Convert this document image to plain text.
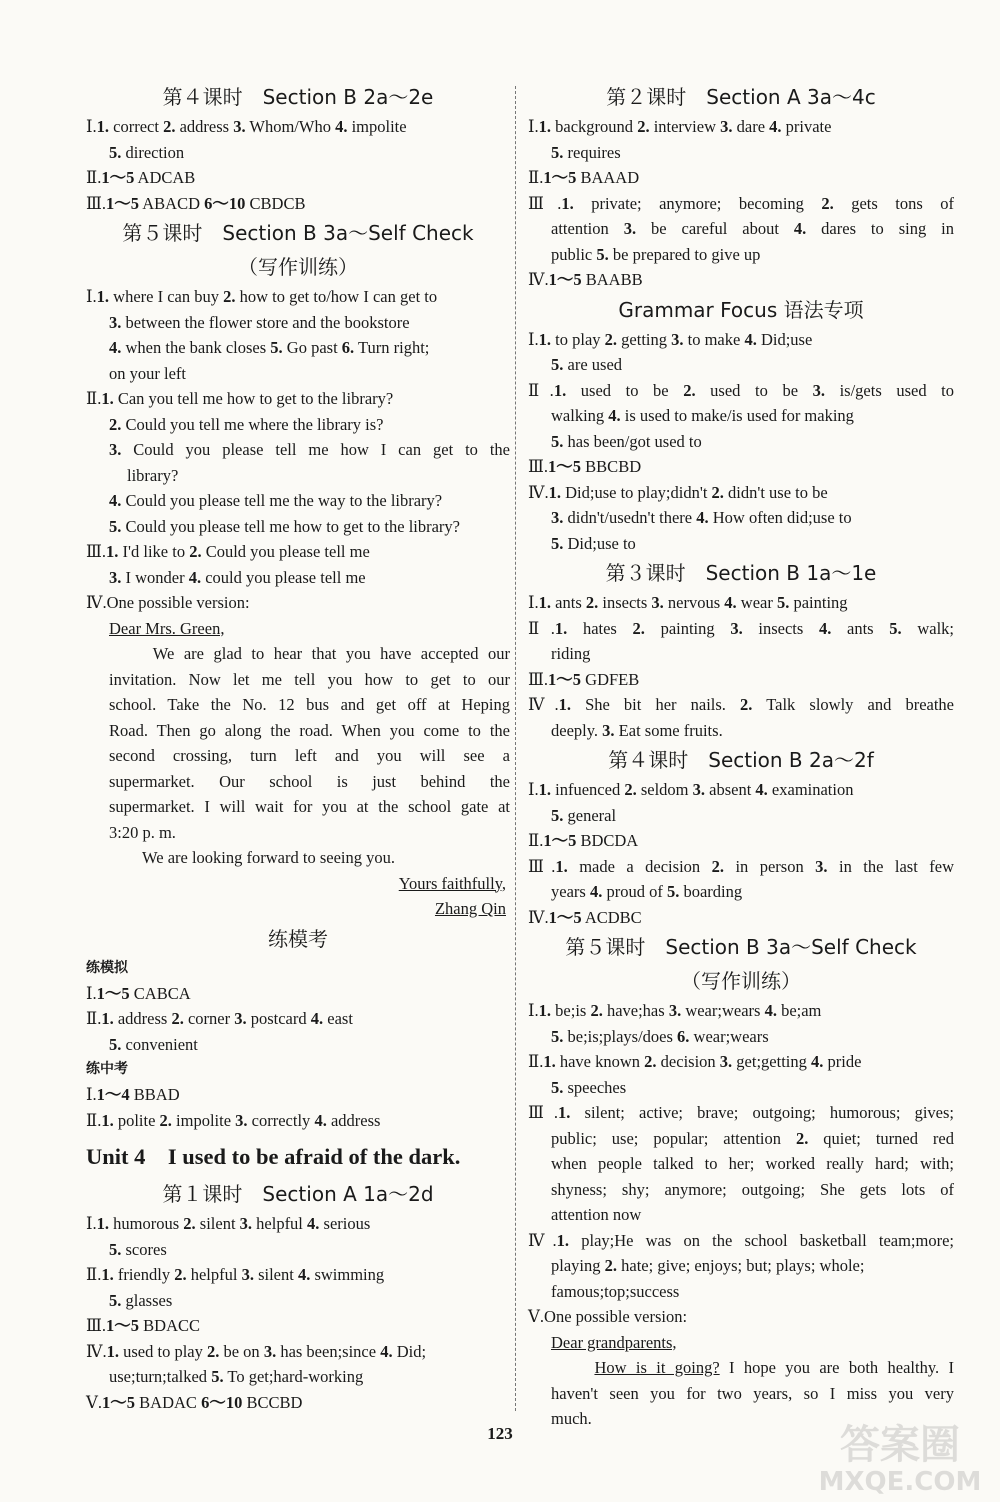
第４课时　Section B 2a～2e
Ⅰ.1. correct 2. address 3. Whom/Who 4. impolite
5. direction
Ⅱ.1～5 ADCAB
Ⅲ.1～5 ABACD 6～10 CBDCB
第５课时　Section B 3a～Self Check
（写作训练）
Ⅰ.1. where I can buy 2. how to get to/how I can get to
3. between the flower store and the bookstore
4. when the bank closes 5. Go past 6. Turn right;
on your left
Ⅱ.1. Can you tell me how to get to the library?
2. Could you tell me where the library is?
3. Could you please tell me how I can get to the
library?
4. Could you please tell me the way to the library?
5. Could you please tell me how to get to the library?
Ⅲ.1. I'd like to 2. Could you please tell me
3. I wonder 4. could you please tell me
Ⅳ.One possible version:
Dear Mrs. Green,
　　We are glad to hear that you have accepted our
invitation. Now let me tell you how to get to our
school. Take the No. 12 bus and get off at Heping
Road. Then go along the road. When you come to the
second crossing, turn left and you will see a
supermarket. Our school is just behind the
supermarket. I will wait for you at the school gate at
3:20 p. m.
　　We are looking forward to seeing you.
Yours faithfully,
Zhang Qin
练模考
练模拟
Ⅰ.1～5 CABCA
Ⅱ.1. address 2. corner 3. postcard 4. east
5. convenient
练中考
Ⅰ.1～4 BBAD
Ⅱ.1. polite 2. impolite 3. correctly 4. address
Unit 4　I used to be afraid of the dark.
第１课时　Section A 1a～2d
Ⅰ.1. humorous 2. silent 3. helpful 4. serious
5. scores
Ⅱ.1. friendly 2. helpful 3. silent 4. swimming
5. glasses
Ⅲ.1～5 BDACC
Ⅳ.1. used to play 2. be on 3. has been;since 4. Did;
use;turn;talked 5. To get;hard-working
Ⅴ.1～5 BADAC 6～10 BCCBD
第２课时　Section A 3a～4c
Ⅰ.1. background 2. interview 3. dare 4. private
5. requires
Ⅱ.1～5 BAAAD
Ⅲ.1. private; anymore; becoming 2. gets tons of
attention 3. be careful about 4. dares to sing in
public 5. be prepared to give up
Ⅳ.1～5 BAABB
Grammar Focus 语法专项
Ⅰ.1. to play 2. getting 3. to make 4. Did;use
5. are used
Ⅱ.1. used to be 2. used to be 3. is/gets used to
walking 4. is used to make/is used for making
5. has been/got used to
Ⅲ.1～5 BBCBD
Ⅳ.1. Did;use to play;didn't 2. didn't use to be
3. didn't/usedn't there 4. How often did;use to
5. Did;use to
第３课时　Section B 1a～1e
Ⅰ.1. ants 2. insects 3. nervous 4. wear 5. painting
Ⅱ.1. hates 2. painting 3. insects 4. ants 5. walk;
riding
Ⅲ.1～5 GDFEB
Ⅳ.1. She bit her nails. 2. Talk slowly and breathe
deeply. 3. Eat some fruits.
第４课时　Section B 2a～2f
Ⅰ.1. infuenced 2. seldom 3. absent 4. examination
5. general
Ⅱ.1～5 BDCDA
Ⅲ.1. made a decision 2. in person 3. in the last few
years 4. proud of 5. boarding
Ⅳ.1～5 ACDBC
第５课时　Section B 3a～Self Check
（写作训练）
Ⅰ.1. be;is 2. have;has 3. wear;wears 4. be;am
5. be;is;plays/does 6. wear;wears
Ⅱ.1. have known 2. decision 3. get;getting 4. pride
5. speeches
Ⅲ.1. silent; active; brave; outgoing; humorous; gives;
public; use; popular; attention 2. quiet; turned red
when people talked to her; worked really hard; with;
shyness; shy; anymore; outgoing; She gets lots of
attention now
Ⅳ.1. play;He was on the school basketball team;more;
playing 2. hate; give; enjoys; but; plays; whole;
famous;top;success
Ⅴ.One possible version:
Dear grandparents,
　　How is it going? I hope you are both healthy. I
haven't seen you for two years, so I miss you very
much.
123	答案圈
MXQE.COM
